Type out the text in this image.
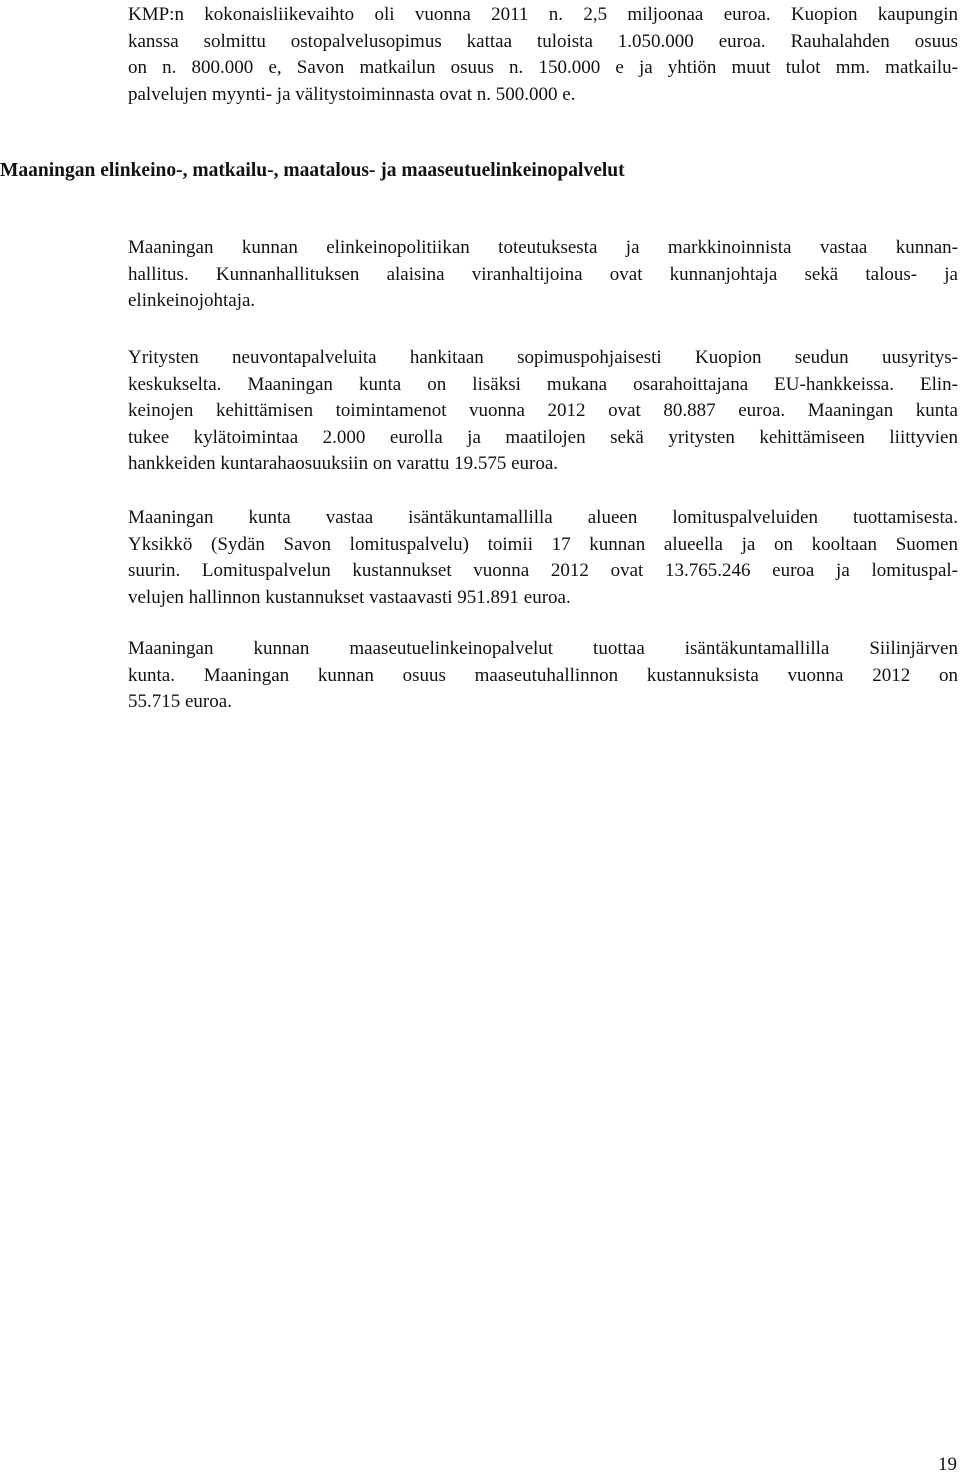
KMP:n kokonaisliikevaihto oli vuonna 2011 n. 2,5 miljoonaa euroa. Kuopion kaupungin
kanssa solmittu ostopalvelusopimus kattaa tuloista 1.050.000 euroa. Rauhalahden osuus
on n. 800.000 e, Savon matkailun osuus n. 150.000 e ja yhtiön muut tulot mm. matkailu-
palvelujen myynti- ja välitystoiminnasta ovat n. 500.000 e.

Maaningan elinkeino-, matkailu-, maatalous- ja maaseutuelinkeinopalvelut

Maaningan kunnan elinkeinopolitiikan toteutuksesta ja markkinoinnista vastaa kunnan-
hallitus. Kunnanhallituksen alaisina viranhaltijoina ovat kunnanjohtaja sekä talous- ja
elinkeinojohtaja.

Yritysten neuvontapalveluita hankitaan sopimuspohjaisesti Kuopion seudun uusyritys-
keskukselta. Maaningan kunta on lisäksi mukana osarahoittajana EU-hankkeissa. Elin-
keinojen kehittämisen toimintamenot vuonna 2012 ovat 80.887 euroa. Maaningan kunta
tukee kylätoimintaa 2.000 eurolla ja maatilojen sekä yritysten kehittämiseen liittyvien
hankkeiden kuntarahaosuuksiin on varattu 19.575 euroa.

Maaningan kunta vastaa isäntäkuntamallilla alueen lomituspalveluiden tuottamisesta.
Yksikkö (Sydän Savon lomituspalvelu) toimii 17 kunnan alueella ja on kooltaan Suomen
suurin. Lomituspalvelun kustannukset vuonna 2012 ovat 13.765.246 euroa ja lomituspal-
velujen hallinnon kustannukset vastaavasti 951.891 euroa.

Maaningan kunnan maaseutuelinkeinopalvelut tuottaa isäntäkuntamallilla Siilinjärven
kunta. Maaningan kunnan osuus maaseutuhallinnon kustannuksista vuonna 2012 on
55.715 euroa.

19
